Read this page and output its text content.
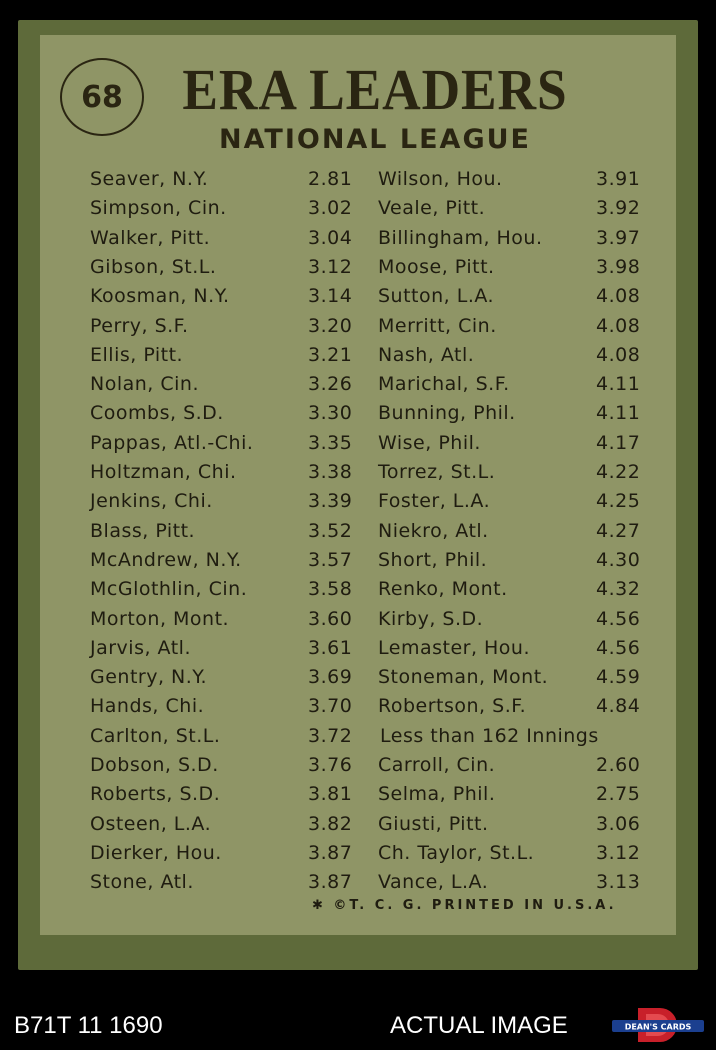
68	ERA LEADERS
NATIONAL LEAGUE
Seaver, N.Y.	2.81 Wilson, Hou.	3.91
Simpson, Cin.	3.02 Veale, Pitt.	3.92
Walker, Pitt.	3.04 Billingham, Hou.	3.97
Gibson, St.L.	3.12 Moose, Pitt.	3.98
Koosman, N.Y.	3.14 Sutton, L.A.	4.08
Perry, S.F.	3.20 Merritt, Cin.	4.08
Ellis, Pitt.	3.21 Nash, Atl.	4.08
Nolan, Cin.	3.26 Marichal, S.F.	4.11
Coombs, S.D.	3.30 Bunning, Phil.	4.11
Pappas, Atl.-Chi.	3.35 Wise, Phil.	4.17
Holtzman, Chi.	3.38 Torrez, St.L.	4.22
Jenkins, Chi.	3.39 Foster, L.A.	4.25
Blass, Pitt.	3.52 Niekro, Atl.	4.27
McAndrew, N.Y.	3.57 Short, Phil.	4.30
McGlothlin, Cin.	3.58 Renko, Mont.	4.32
Morton, Mont.	3.60 Kirby, S.D.	4.56
Jarvis, Atl.	3.61 Lemaster, Hou.	4.56
Gentry, N.Y.	3.69 Stoneman, Mont.	4.59
Hands, Chi.	3.70 Robertson, S.F.	4.84
Carlton, St.L.	3.72 Less than 162 Innings
Dobson, S.D.	3.76 Carroll, Cin.	2.60
Roberts, S.D.	3.81 Selma, Phil.	2.75
Osteen, L.A.	3.82 Giusti, Pitt.	3.06
Dierker, Hou.	3.87 Ch. Taylor, St.L.	3.12
Stone, Atl.	3.87 Vance, L.A.	3.13
✱ ©T. C. G. PRINTED IN U.S.A.
B71T 11 1690	ACTUAL IMAGE	DEAN'S CARDS
